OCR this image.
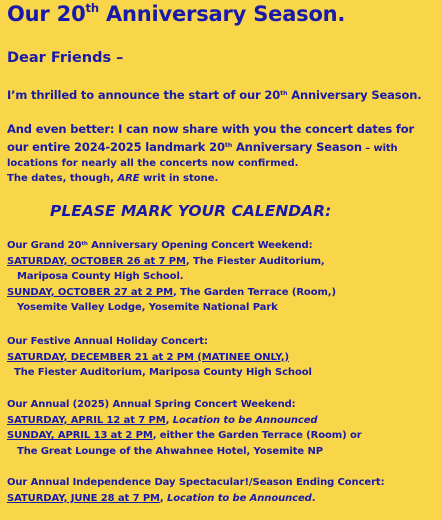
Our 20th Anniversary Season.
Dear Friends –
I’m thrilled to announce the start of our 20th Anniversary Season.
And even better: I can now share with you the concert dates for
our entire 2024-2025 landmark 20th Anniversary Season – with
locations for nearly all the concerts now confirmed.
The dates, though, ARE writ in stone.
PLEASE MARK YOUR CALENDAR:
Our Grand 20th Anniversary Opening Concert Weekend:
SATURDAY, OCTOBER 26 at 7 PM, The Fiester Auditorium,
Mariposa County High School.
SUNDAY, OCTOBER 27 at 2 PM, The Garden Terrace (Room,)
Yosemite Valley Lodge, Yosemite National Park
Our Festive Annual Holiday Concert:
SATURDAY, DECEMBER 21 at 2 PM (MATINEE ONLY,)
The Fiester Auditorium, Mariposa County High School
Our Annual (2025) Annual Spring Concert Weekend:
SATURDAY, APRIL 12 at 7 PM, Location to be Announced
SUNDAY, APRIL 13 at 2 PM, either the Garden Terrace (Room) or
The Great Lounge of the Ahwahnee Hotel, Yosemite NP
Our Annual Independence Day Spectacular!/Season Ending Concert:
SATURDAY, JUNE 28 at 7 PM, Location to be Announced.
